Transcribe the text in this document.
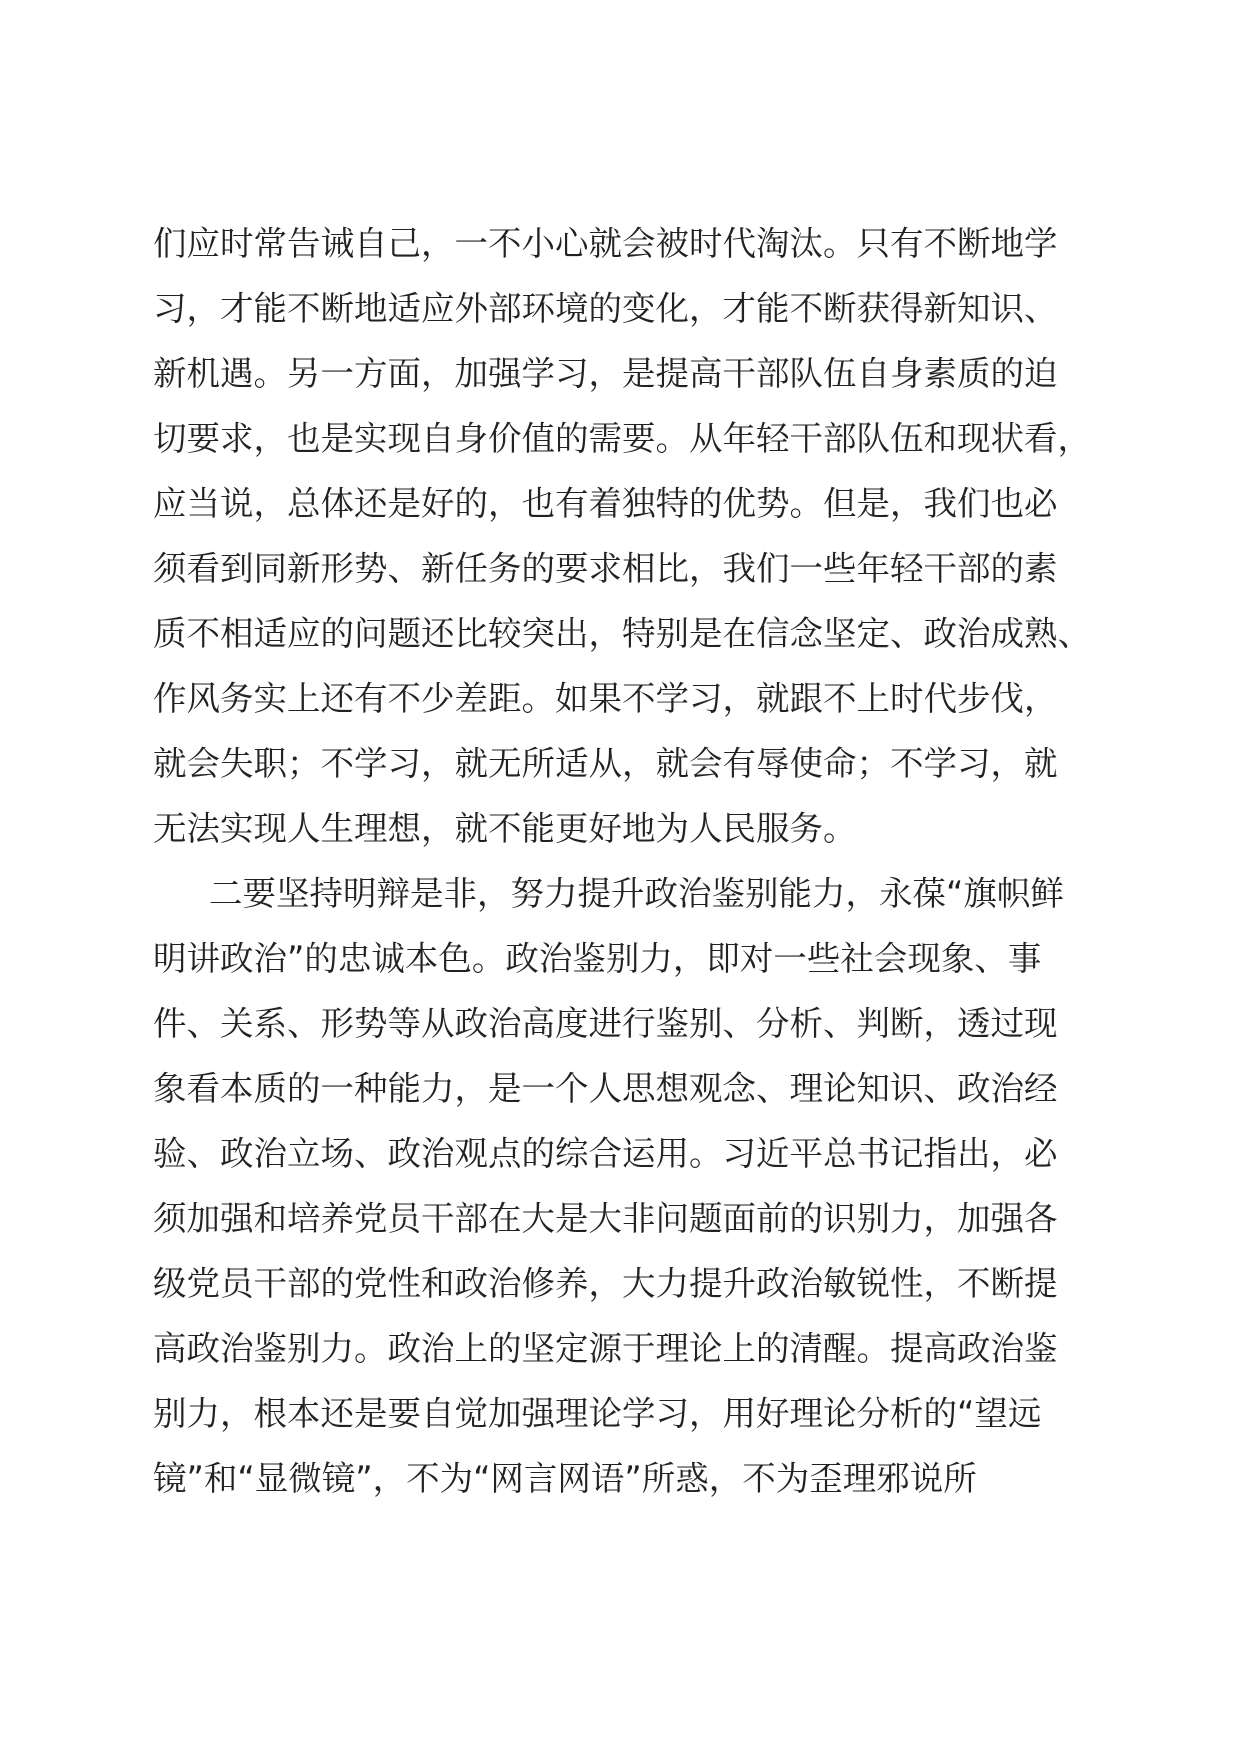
们应时常告诫自己，一不小心就会被时代淘汰。只有不断地学
习，才能不断地适应外部环境的变化，才能不断获得新知识、
新机遇。另一方面，加强学习，是提高干部队伍自身素质的迫
切要求，也是实现自身价值的需要。从年轻干部队伍和现状看，
应当说，总体还是好的，也有着独特的优势。但是，我们也必
须看到同新形势、新任务的要求相比，我们一些年轻干部的素
质不相适应的问题还比较突出，特别是在信念坚定、政治成熟、
作风务实上还有不少差距。如果不学习，就跟不上时代步伐，
就会失职；不学习，就无所适从，就会有辱使命；不学习，就
无法实现人生理想，就不能更好地为人民服务。
二要坚持明辩是非，努力提升政治鉴别能力，永葆“旗帜鲜
明讲政治”的忠诚本色。政治鉴别力，即对一些社会现象、事
件、关系、形势等从政治高度进行鉴别、分析、判断，透过现
象看本质的一种能力，是一个人思想观念、理论知识、政治经
验、政治立场、政治观点的综合运用。习近平总书记指出，必
须加强和培养党员干部在大是大非问题面前的识别力，加强各
级党员干部的党性和政治修养，大力提升政治敏锐性，不断提
高政治鉴别力。政治上的坚定源于理论上的清醒。提高政治鉴
别力，根本还是要自觉加强理论学习，用好理论分析的“望远
镜”和“显微镜”，不为“网言网语”所惑，不为歪理邪说所
